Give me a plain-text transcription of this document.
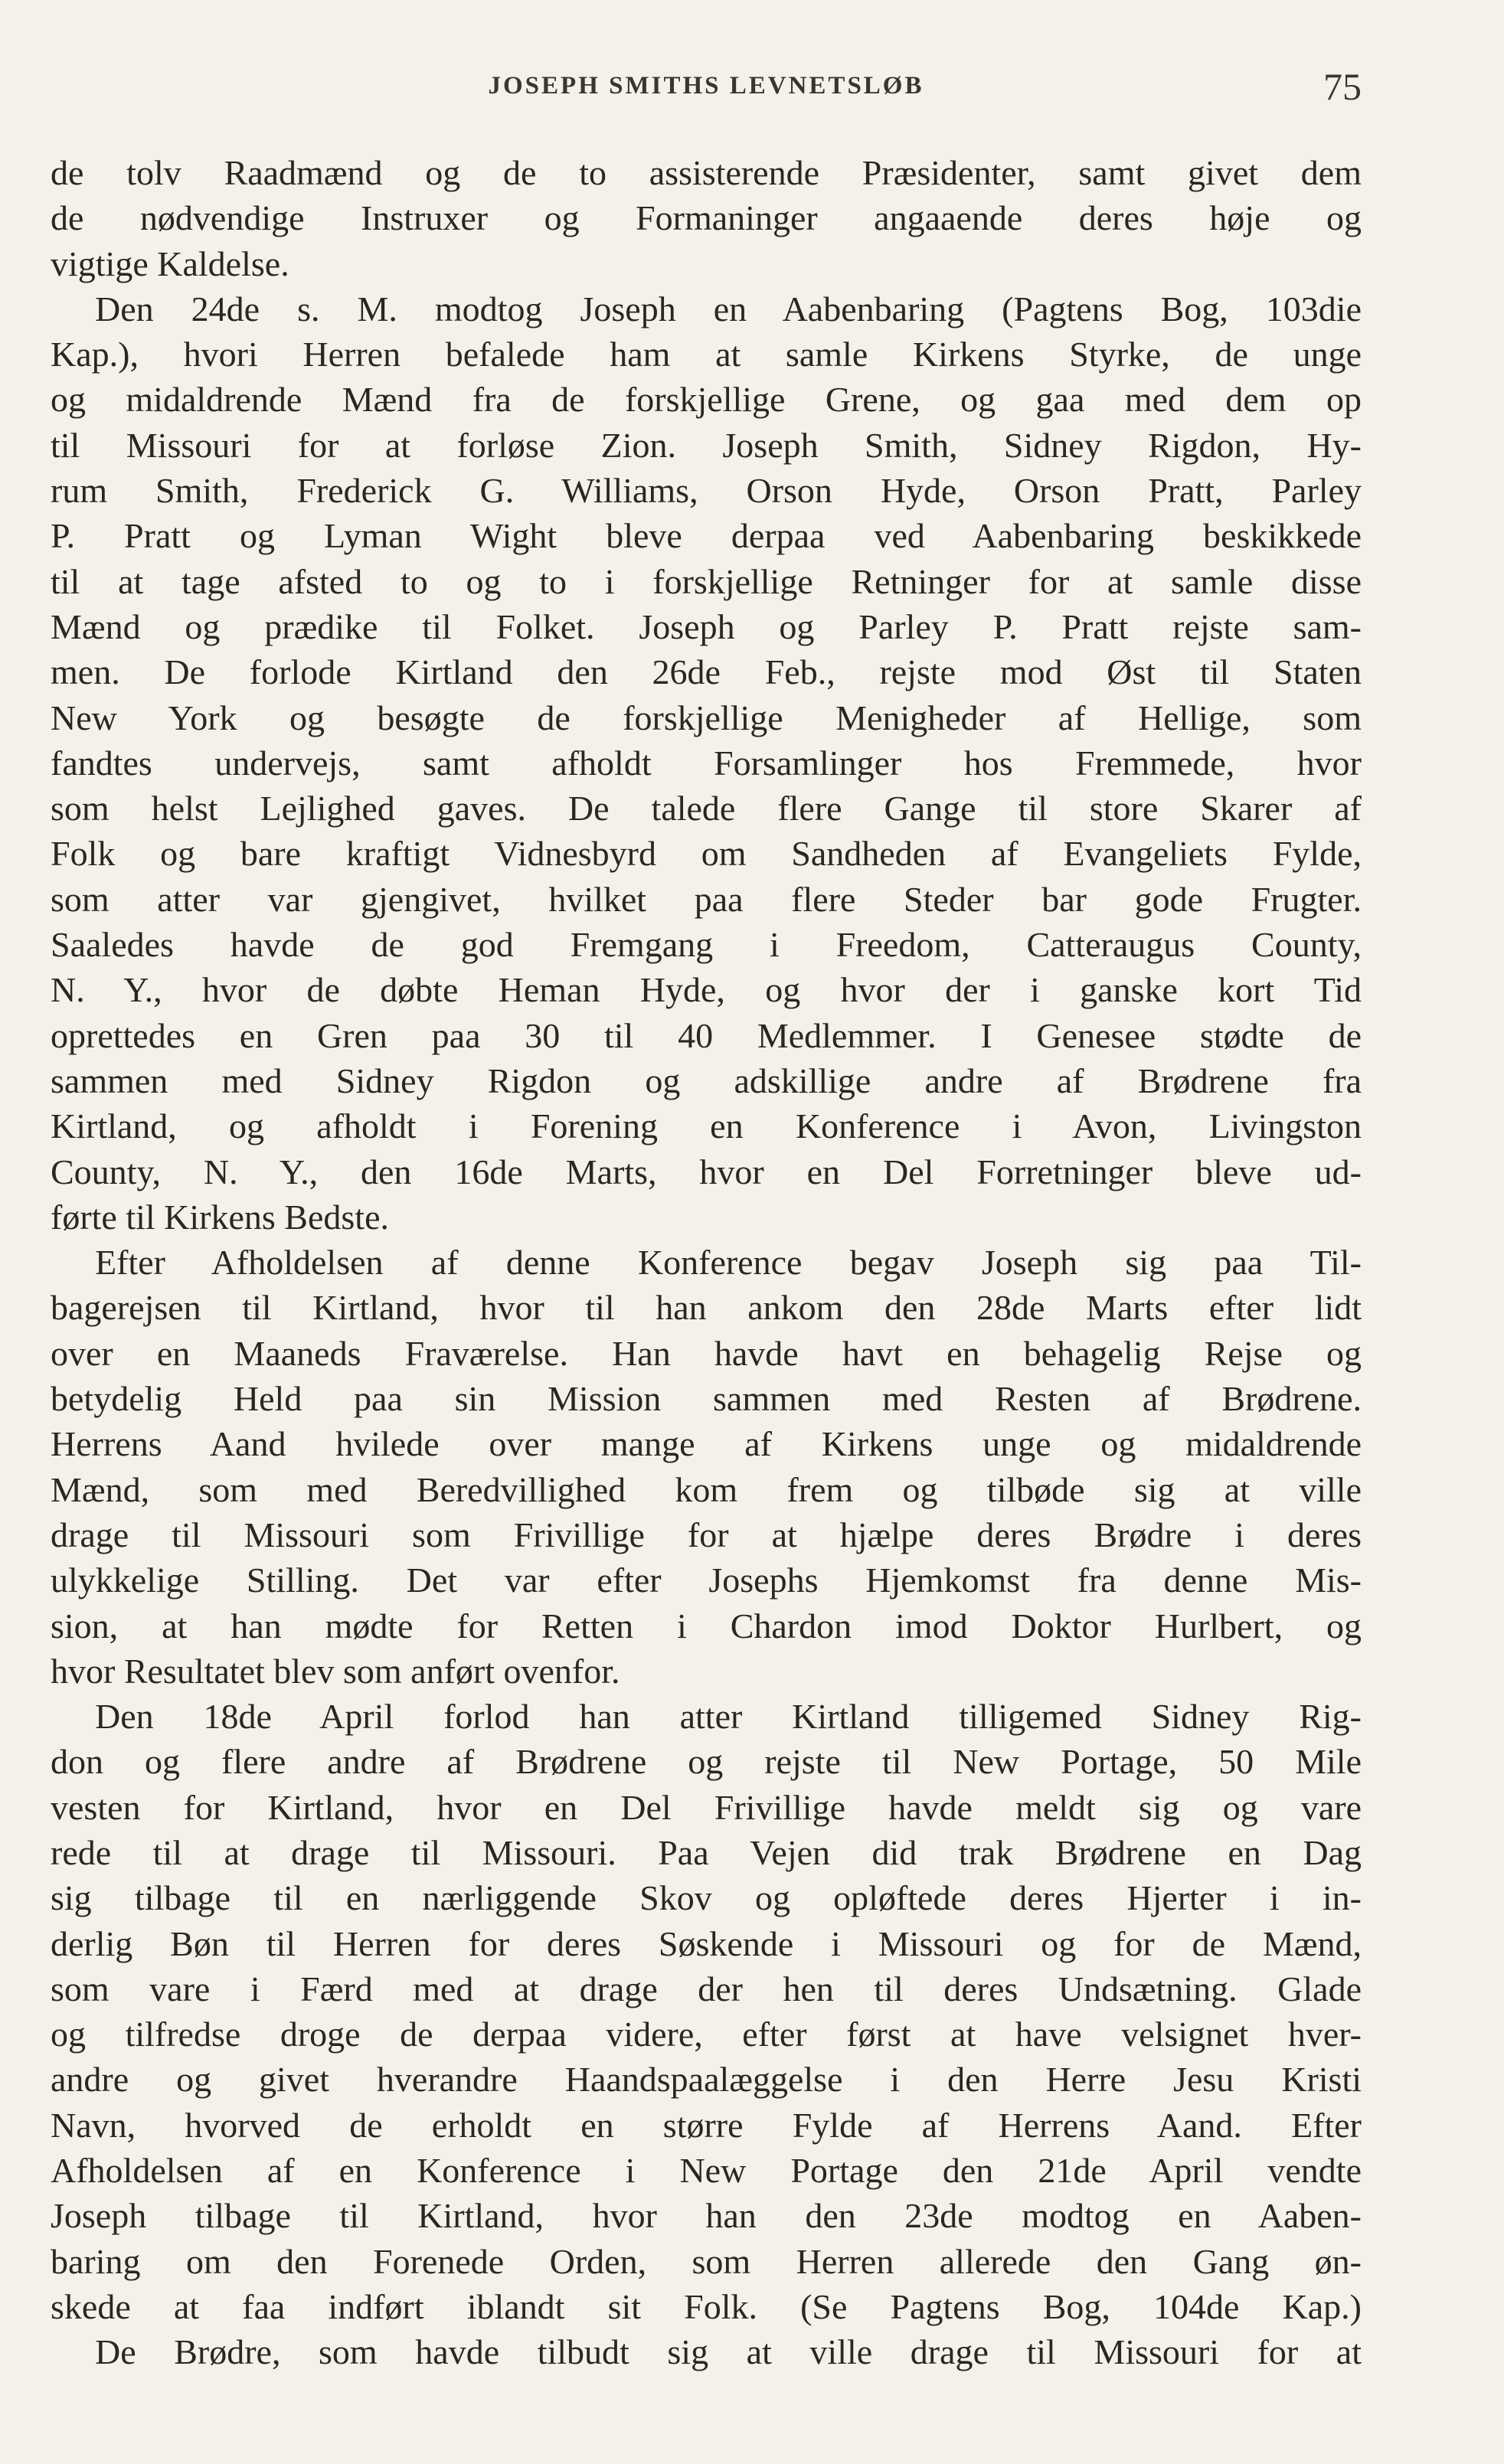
JOSEPH SMITHS LEVNETSLØB	75
de tolv Raadmænd og de to assisterende Præsidenter, samt givet dem
de nødvendige Instruxer og Formaninger angaaende deres høje og
vigtige Kaldelse.
Den 24de s. M. modtog Joseph en Aabenbaring (Pagtens Bog, 103die
Kap.), hvori Herren befalede ham at samle Kirkens Styrke, de unge
og midaldrende Mænd fra de forskjellige Grene, og gaa med dem op
til Missouri for at forløse Zion. Joseph Smith, Sidney Rigdon, Hy-
rum Smith, Frederick G. Williams, Orson Hyde, Orson Pratt, Parley
P. Pratt og Lyman Wight bleve derpaa ved Aabenbaring beskikkede
til at tage afsted to og to i forskjellige Retninger for at samle disse
Mænd og prædike til Folket. Joseph og Parley P. Pratt rejste sam-
men. De forlode Kirtland den 26de Feb., rejste mod Øst til Staten
New York og besøgte de forskjellige Menigheder af Hellige, som
fandtes undervejs, samt afholdt Forsamlinger hos Fremmede, hvor
som helst Lejlighed gaves. De talede flere Gange til store Skarer af
Folk og bare kraftigt Vidnesbyrd om Sandheden af Evangeliets Fylde,
som atter var gjengivet, hvilket paa flere Steder bar gode Frugter.
Saaledes havde de god Fremgang i Freedom, Catteraugus County,
N. Y., hvor de døbte Heman Hyde, og hvor der i ganske kort Tid
oprettedes en Gren paa 30 til 40 Medlemmer. I Genesee stødte de
sammen med Sidney Rigdon og adskillige andre af Brødrene fra
Kirtland, og afholdt i Forening en Konference i Avon, Livingston
County, N. Y., den 16de Marts, hvor en Del Forretninger bleve ud-
førte til Kirkens Bedste.
Efter Afholdelsen af denne Konference begav Joseph sig paa Til-
bagerejsen til Kirtland, hvor til han ankom den 28de Marts efter lidt
over en Maaneds Fraværelse. Han havde havt en behagelig Rejse og
betydelig Held paa sin Mission sammen med Resten af Brødrene.
Herrens Aand hvilede over mange af Kirkens unge og midaldrende
Mænd, som med Beredvillighed kom frem og tilbøde sig at ville
drage til Missouri som Frivillige for at hjælpe deres Brødre i deres
ulykkelige Stilling. Det var efter Josephs Hjemkomst fra denne Mis-
sion, at han mødte for Retten i Chardon imod Doktor Hurlbert, og
hvor Resultatet blev som anført ovenfor.
Den 18de April forlod han atter Kirtland tilligemed Sidney Rig-
don og flere andre af Brødrene og rejste til New Portage, 50 Mile
vesten for Kirtland, hvor en Del Frivillige havde meldt sig og vare
rede til at drage til Missouri. Paa Vejen did trak Brødrene en Dag
sig tilbage til en nærliggende Skov og opløftede deres Hjerter i in-
derlig Bøn til Herren for deres Søskende i Missouri og for de Mænd,
som vare i Færd med at drage der hen til deres Undsætning. Glade
og tilfredse droge de derpaa videre, efter først at have velsignet hver-
andre og givet hverandre Haandspaalæggelse i den Herre Jesu Kristi
Navn, hvorved de erholdt en større Fylde af Herrens Aand. Efter
Afholdelsen af en Konference i New Portage den 21de April vendte
Joseph tilbage til Kirtland, hvor han den 23de modtog en Aaben-
baring om den Forenede Orden, som Herren allerede den Gang øn-
skede at faa indført iblandt sit Folk. (Se Pagtens Bog, 104de Kap.)
De Brødre, som havde tilbudt sig at ville drage til Missouri for at
